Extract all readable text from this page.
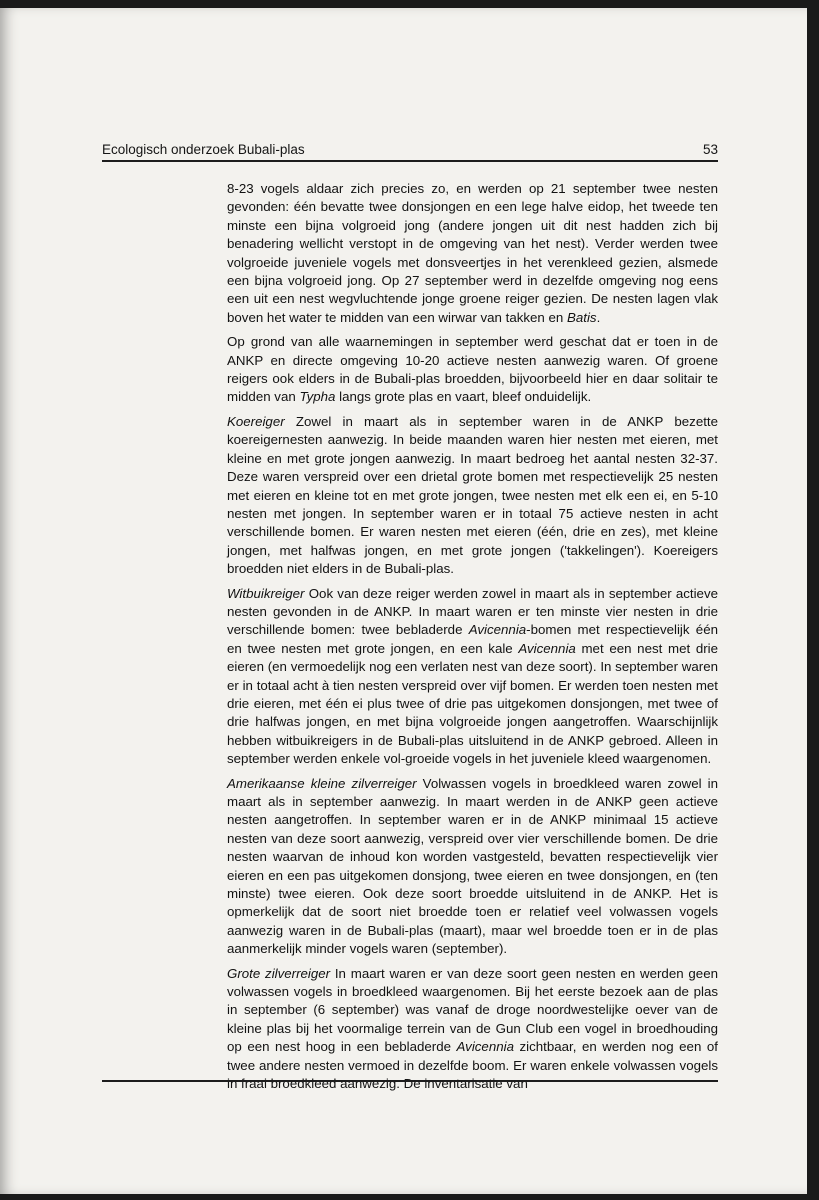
Ecologisch onderzoek Bubali-plas	53

8-23 vogels aldaar zich precies zo, en werden op 21 september twee nesten gevonden: één bevatte twee donsjongen en een lege halve eidop, het tweede ten minste een bijna volgroeid jong (andere jongen uit dit nest hadden zich bij benadering wellicht verstopt in de omgeving van het nest). Verder werden twee volgroeide juveniele vogels met donsveertjes in het verenkleed gezien, alsmede een bijna volgroeid jong. Op 27 september werd in dezelfde omgeving nog eens een uit een nest wegvluchtende jonge groene reiger gezien. De nesten lagen vlak boven het water te midden van een wirwar van takken en Batis.

Op grond van alle waarnemingen in september werd geschat dat er toen in de ANKP en directe omgeving 10-20 actieve nesten aanwezig waren. Of groene reigers ook elders in de Bubali-plas broedden, bijvoorbeeld hier en daar solitair te midden van Typha langs grote plas en vaart, bleef onduidelijk.

Koereiger Zowel in maart als in september waren in de ANKP bezette koereigernesten aanwezig. In beide maanden waren hier nesten met eieren, met kleine en met grote jongen aanwezig. In maart bedroeg het aantal nesten 32-37. Deze waren verspreid over een drietal grote bomen met respectievelijk 25 nesten met eieren en kleine tot en met grote jongen, twee nesten met elk een ei, en 5-10 nesten met jongen. In september waren er in totaal 75 actieve nesten in acht verschillende bomen. Er waren nesten met eieren (één, drie en zes), met kleine jongen, met halfwas jongen, en met grote jongen ('takkelingen'). Koereigers broedden niet elders in de Bubali-plas.

Witbuikreiger Ook van deze reiger werden zowel in maart als in september actieve nesten gevonden in de ANKP. In maart waren er ten minste vier nesten in drie verschillende bomen: twee bebladerde Avicennia-bomen met respectievelijk één en twee nesten met grote jongen, en een kale Avicennia met een nest met drie eieren (en vermoedelijk nog een verlaten nest van deze soort). In september waren er in totaal acht à tien nesten verspreid over vijf bomen. Er werden toen nesten met drie eieren, met één ei plus twee of drie pas uitgekomen donsjongen, met twee of drie halfwas jongen, en met bijna volgroeide jongen aangetroffen. Waarschijnlijk hebben witbuikreigers in de Bubali-plas uitsluitend in de ANKP gebroed. Alleen in september werden enkele vol-groeide vogels in het juveniele kleed waargenomen.

Amerikaanse kleine zilverreiger Volwassen vogels in broedkleed waren zowel in maart als in september aanwezig. In maart werden in de ANKP geen actieve nesten aangetroffen. In september waren er in de ANKP minimaal 15 actieve nesten van deze soort aanwezig, verspreid over vier verschillende bomen. De drie nesten waarvan de inhoud kon worden vastgesteld, bevatten respectievelijk vier eieren en een pas uitgekomen donsjong, twee eieren en twee donsjongen, en (ten minste) twee eieren. Ook deze soort broedde uitsluitend in de ANKP. Het is opmerkelijk dat de soort niet broedde toen er relatief veel volwassen vogels aanwezig waren in de Bubali-plas (maart), maar wel broedde toen er in de plas aanmerkelijk minder vogels waren (september).

Grote zilverreiger In maart waren er van deze soort geen nesten en werden geen volwassen vogels in broedkleed waargenomen. Bij het eerste bezoek aan de plas in september (6 september) was vanaf de droge noordwestelijke oever van de kleine plas bij het voormalige terrein van de Gun Club een vogel in broedhouding op een nest hoog in een bebladerde Avicennia zichtbaar, en werden nog een of twee andere nesten vermoed in dezelfde boom. Er waren enkele volwassen vogels in fraai broedkleed aanwezig. De inventarisatie van
